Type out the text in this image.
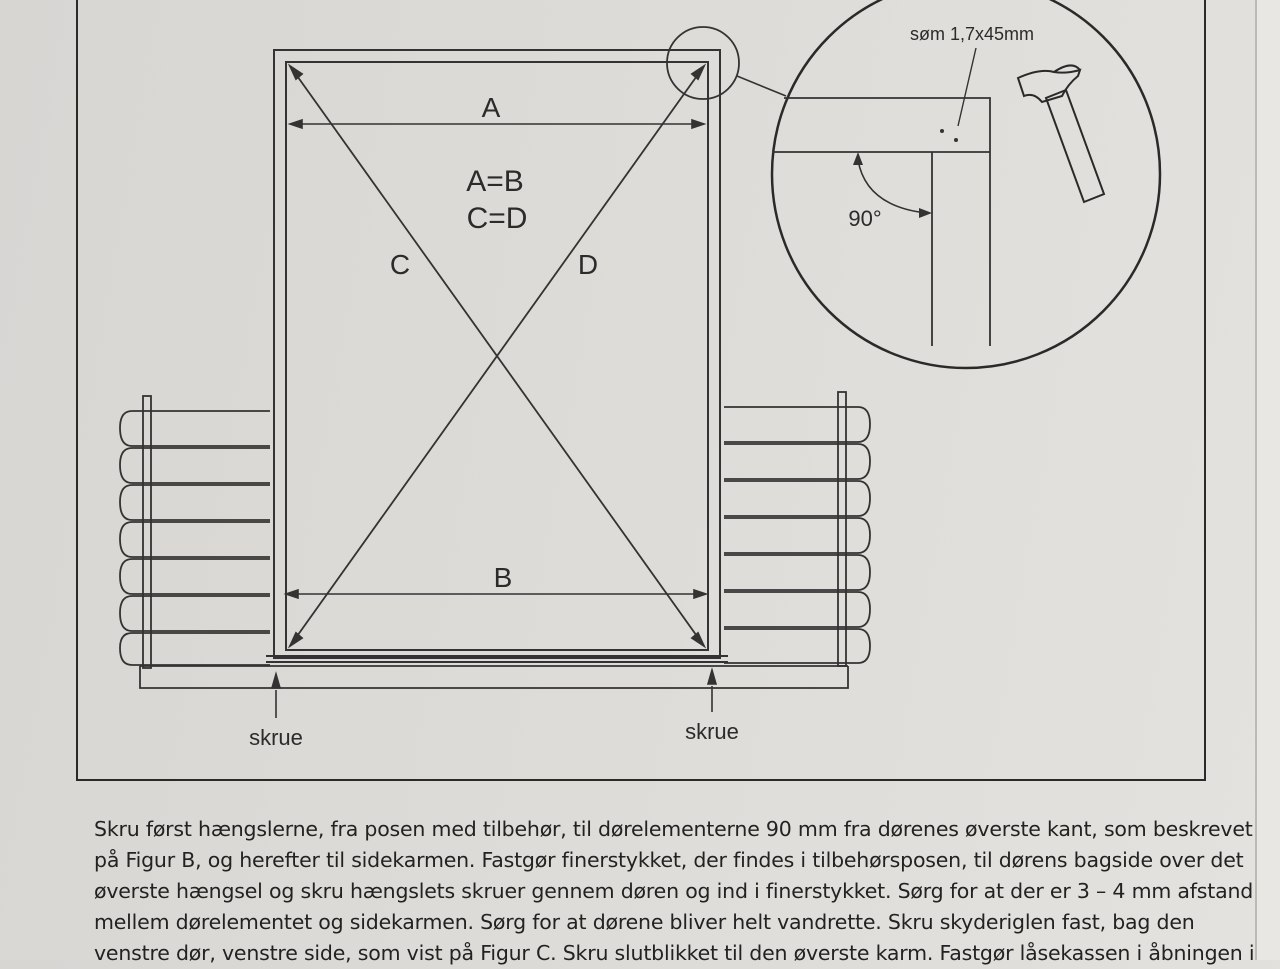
A
B
C	D
A=B
C=D
skrue	skrue
søm 1,7x45mm
90°
Skru først hængslerne, fra posen med tilbehør, til dørelementerne 90 mm fra dørenes øverste kant, som beskrevet
på Figur B, og herefter til sidekarmen. Fastgør finerstykket, der findes i tilbehørsposen, til dørens bagside over det
øverste hængsel og skru hængslets skruer gennem døren og ind i finerstykket. Sørg for at der er 3 – 4 mm afstand
mellem dørelementet og sidekarmen. Sørg for at dørene bliver helt vandrette. Skru skyderiglen fast, bag den
venstre dør, venstre side, som vist på Figur C. Skru slutblikket til den øverste karm. Fastgør låsekassen i åbningen i
